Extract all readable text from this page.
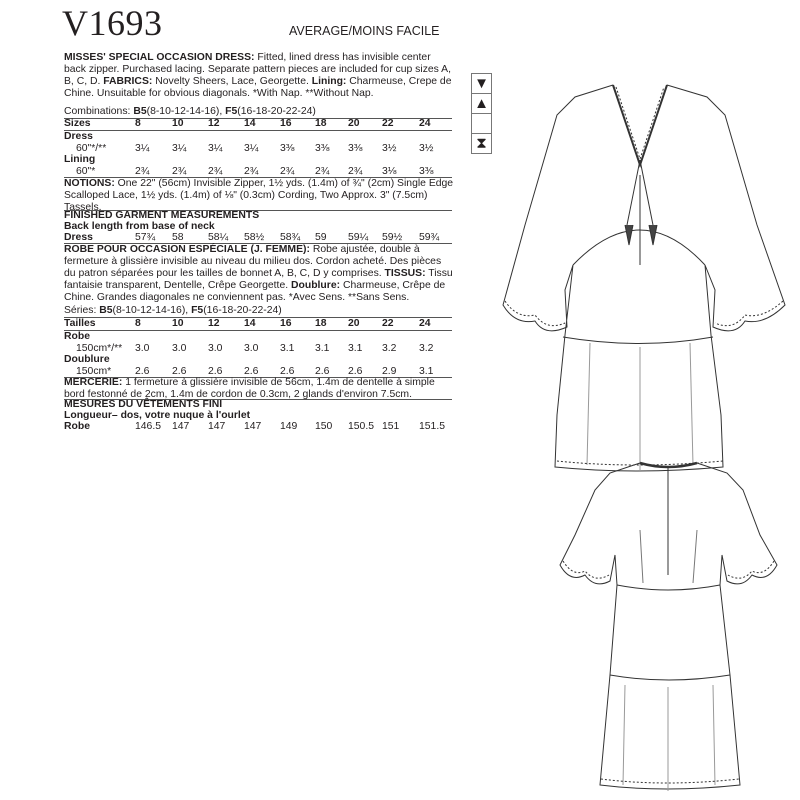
V1693	AVERAGE/MOINS FACILE
MISSES' SPECIAL OCCASION DRESS: Fitted, lined dress has invisible center back zipper. Purchased lacing. Separate pattern pieces are included for cup sizes A, B, C, D. FABRICS: Novelty Sheers, Lace, Georgette. Lining: Charmeuse, Crepe de Chine. Unsuitable for obvious diagonals. *With Nap. **Without Nap.
Combinations: B5(8-10-12-14-16), F5(16-18-20-22-24)
Sizes	8	10 12 14 16 18 20 22 24
Dress
60"*/**	3¼ 3¼ 3¼ 3¼ 3⅜ 3⅜ 3⅜ 3½ 3½
Lining
60"*	2¾ 2¾ 2¾ 2¾ 2¾ 2¾ 2¾ 3⅛ 3⅜
NOTIONS: One 22" (56cm) Invisible Zipper, 1½ yds. (1.4m) of ¾" (2cm) Single Edge Scalloped Lace, 1½ yds. (1.4m) of ⅛" (0.3cm) Cording, Two Approx. 3" (7.5cm) Tassels.
FINISHED GARMENT MEASUREMENTS
Back length from base of neck
Dress	57¾ 58 58¼ 58½ 58¾ 59 59¼ 59½ 59¾
ROBE POUR OCCASION ESPÉCIALE (J. FEMME): Robe ajustée, double à fermeture à glissière invisible au niveau du milieu dos. Cordon acheté. Des pièces du patron séparées pour les tailles de bonnet A, B, C, D y comprises. TISSUS: Tissu fantaisie transparent, Dentelle, Crêpe Georgette. Doublure: Charmeuse, Crêpe de Chine. Grandes diagonales ne conviennent pas. *Avec Sens. **Sans Sens.
Séries: B5(8-10-12-14-16), F5(16-18-20-22-24)
Tailles	8	10 12 14 16 18 20 22 24
Robe
150cm*/** 3.0 3.0 3.0 3.0 3.1 3.1 3.1 3.2 3.2
Doublure
150cm* 2.6 2.6 2.6 2.6 2.6 2.6 2.6 2.9 3.1
MERCERIE: 1 fermeture à glissière invisible de 56cm, 1.4m de dentelle à simple bord festonné de 2cm, 1.4m de cordon de 0.3cm, 2 glands d'environ 7.5cm.
MESURES DU VÊTEMENTS FINI
Longueur– dos, votre nuque à l'ourlet
Robe	146.5 147 147 147 149 150 150.5 151 151.5
▼
▲
⧗
